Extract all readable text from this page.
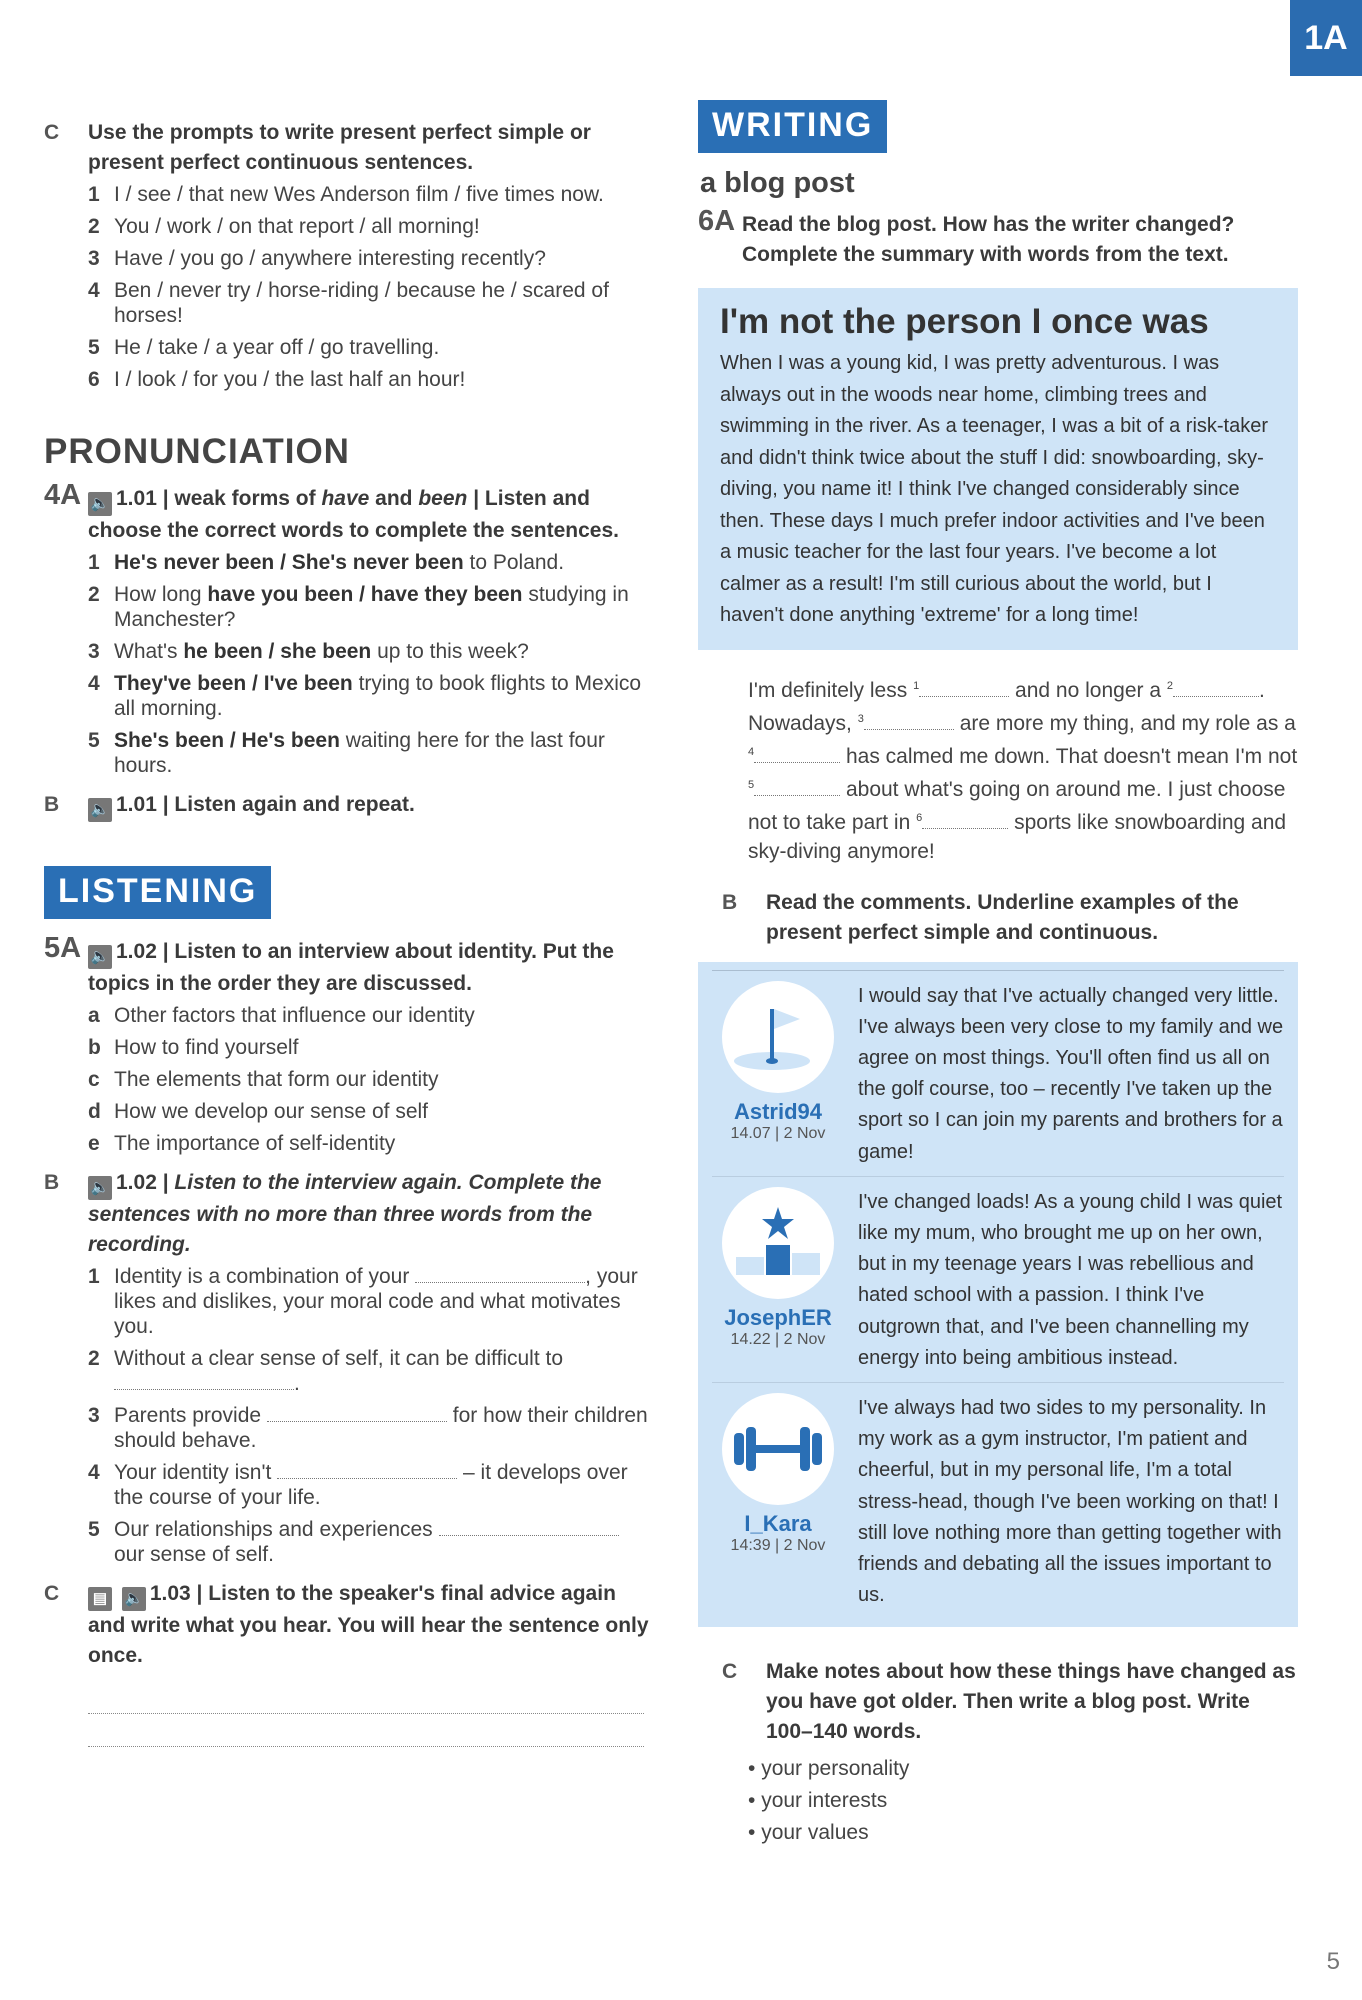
1A
C Use the prompts to write present perfect simple or present perfect continuous sentences.
1 I / see / that new Wes Anderson film / five times now.
2 You / work / on that report / all morning!
3 Have / you go / anywhere interesting recently?
4 Ben / never try / horse-riding / because he / scared of horses!
5 He / take / a year off / go travelling.
6 I / look / for you / the last half an hour!
PRONUNCIATION
4A 🔈 1.01 | weak forms of have and been | Listen and choose the correct words to complete the sentences.
1 He's never been / She's never been to Poland.
2 How long have you been / have they been studying in Manchester?
3 What's he been / she been up to this week?
4 They've been / I've been trying to book flights to Mexico all morning.
5 She's been / He's been waiting here for the last four hours.
B 🔈 1.01 | Listen again and repeat.
LISTENING
5A 🔈 1.02 | Listen to an interview about identity. Put the topics in the order they are discussed.
a Other factors that influence our identity
b How to find yourself
c The elements that form our identity
d How we develop our sense of self
e The importance of self-identity
B 🔈 1.02 | Listen to the interview again. Complete the sentences with no more than three words from the recording.
1 Identity is a combination of your	, your likes and dislikes, your moral code and what motivates you.
2 Without a clear sense of self, it can be difficult to .
3 Parents provide	for how their children should behave.
4 Your identity isn't	– it develops over the course of your life.
5 Our relationships and experiences  our sense of self.
C ▤ 🔈 1.03 | Listen to the speaker's final advice again and write what you hear. You will hear the sentence only once.
WRITING
a blog post
6A Read the blog post. How has the writer changed? Complete the summary with words from the text.
I'm not the person I once was

When I was a young kid, I was pretty adventurous. I was always out in the woods near home, climbing trees and swimming in the river. As a teenager, I was a bit of a risk-taker and didn't think twice about the stuff I did: snowboarding, sky-diving, you name it! I think I've changed considerably since then. These days I much prefer indoor activities and I've been a music teacher for the last four years. I've become a lot calmer as a result! I'm still curious about the world, but I haven't done anything 'extreme' for a long time!

I'm definitely less $^1$	and no longer a $^2$	. Nowadays, $^3$	are more my thing, and my role as a $^4$	has calmed me down. That doesn't mean I'm not $^5$	about what's going on around me. I just choose not to take part in $^6$	sports like snowboarding and sky-diving anymore!
B Read the comments. Underline examples of the present perfect simple and continuous.
Astrid94
14.07 | 2 Nov
I would say that I've actually changed very little. I've always been very close to my family and we agree on most things. You'll often find us all on the golf course, too – recently I've taken up the sport so I can join my parents and brothers for a game!
JosephER
14.22 | 2 Nov
I've changed loads! As a young child I was quiet like my mum, who brought me up on her own, but in my teenage years I was rebellious and hated school with a passion. I think I've outgrown that, and I've been channelling my energy into being ambitious instead.
I_Kara
14:39 | 2 Nov
I've always had two sides to my personality. In my work as a gym instructor, I'm patient and cheerful, but in my personal life, I'm a total stress-head, though I've been working on that! I still love nothing more than getting together with friends and debating all the issues important to us.
C Make notes about how these things have changed as you have got older. Then write a blog post. Write 100–140 words.
• your personality
• your interests
• your values
5
